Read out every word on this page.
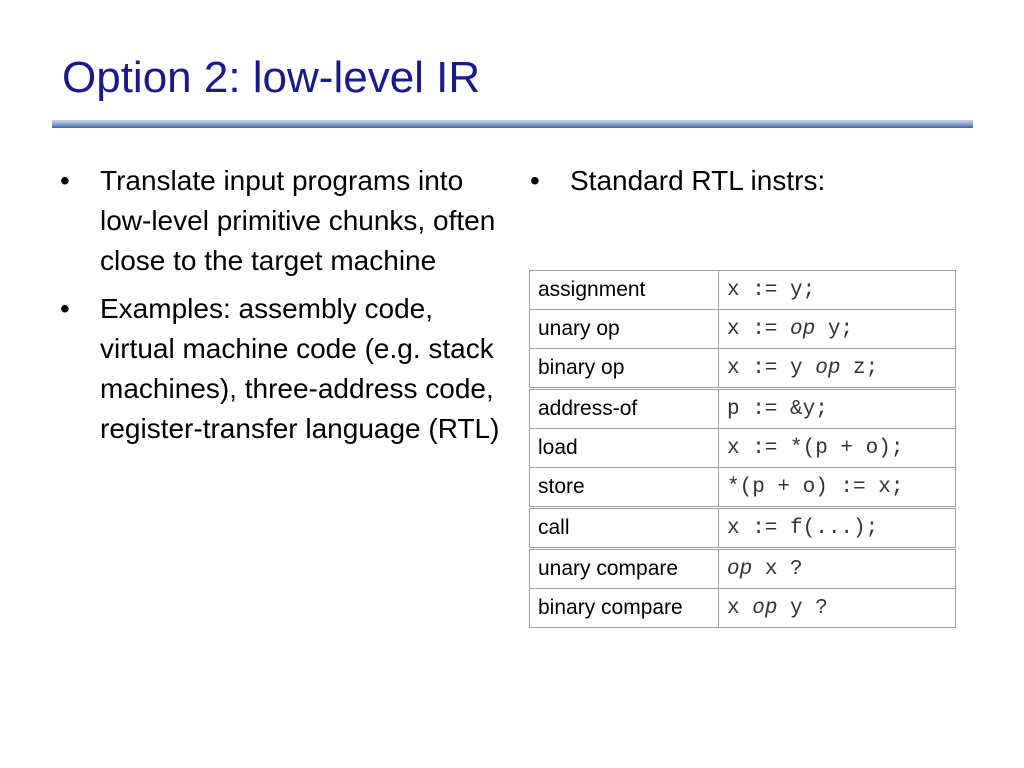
Option 2: low-level IR
• Translate input programs into low-level primitive chunks, often close to the target machine
• Examples: assembly code, virtual machine code (e.g. stack machines), three-address code, register-transfer language (RTL)
• Standard RTL instrs:
assignment	x := y;
unary op	x := op y;
binary op	x := y op z;
address-of	p := &y;
load	x := *(p + o);
store	*(p + o) := x;
call	x := f(...);
unary compare	op x ?
binary compare	x op y ?
